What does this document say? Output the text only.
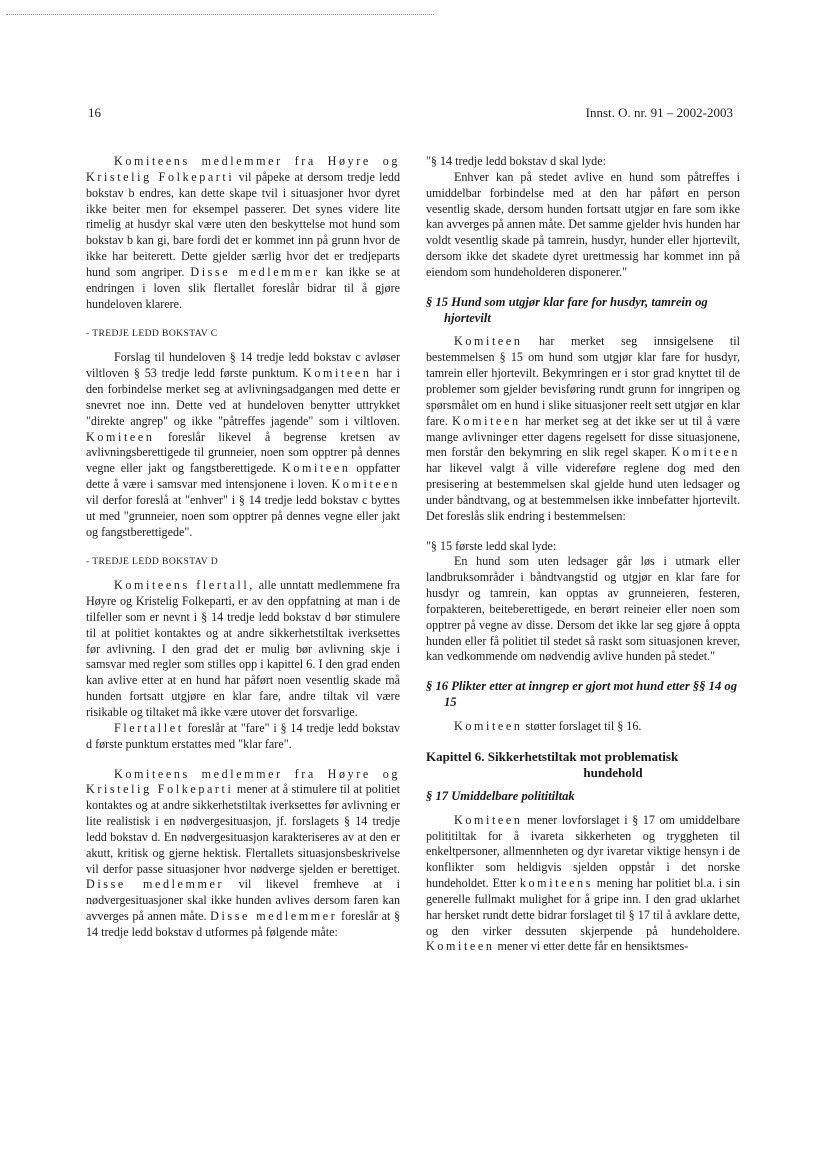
16	Innst. O. nr. 91 – 2002-2003

Komiteens medlemmer fra Høyre og Kristelig Folkeparti vil påpeke at dersom tredje ledd bokstav b endres, kan dette skape tvil i situasjoner hvor dyret ikke beiter men for eksempel passerer. Det synes videre lite rimelig at husdyr skal være uten den beskyttelse mot hund som bokstav b kan gi, bare fordi det er kommet inn på grunn hvor de ikke har beiterett. Dette gjelder særlig hvor det er tredjeparts hund som angriper. Disse medlemmer kan ikke se at endringen i loven slik flertallet foreslår bidrar til å gjøre hundeloven klarere.

- TREDJE LEDD BOKSTAV C

Forslag til hundeloven § 14 tredje ledd bokstav c avløser viltloven § 53 tredje ledd første punktum. Komiteen har i den forbindelse merket seg at avlivningsadgangen med dette er snevret noe inn. Dette ved at hundeloven benytter uttrykket "direkte angrep" og ikke "påtreffes jagende" som i viltloven. Komiteen foreslår likevel å begrense kretsen av avlivningsberettigede til grunneier, noen som opptrer på dennes vegne eller jakt og fangstberettigede. Komiteen oppfatter dette å være i samsvar med intensjonene i loven. Komiteen vil derfor foreslå at "enhver" i § 14 tredje ledd bokstav c byttes ut med "grunneier, noen som opptrer på dennes vegne eller jakt og fangstberettigede".

- TREDJE LEDD BOKSTAV D

Komiteens flertall, alle unntatt medlemmene fra Høyre og Kristelig Folkeparti, er av den oppfatning at man i de tilfeller som er nevnt i § 14 tredje ledd bokstav d bør stimulere til at politiet kontaktes og at andre sikkerhetstiltak iverksettes før avlivning. I den grad det er mulig bør avlivning skje i samsvar med regler som stilles opp i kapittel 6. I den grad enden kan avlive etter at en hund har påført noen vesentlig skade må hunden fortsatt utgjøre en klar fare, andre tiltak vil være risikable og tiltaket må ikke være utover det forsvarlige.

Flertallet foreslår at "fare" i § 14 tredje ledd bokstav d første punktum erstattes med "klar fare".

Komiteens medlemmer fra Høyre og Kristelig Folkeparti mener at å stimulere til at politiet kontaktes og at andre sikkerhetstiltak iverksettes før avlivning er lite realistisk i en nødvergesituasjon, jf. forslagets § 14 tredje ledd bokstav d. En nødvergesituasjon karakteriseres av at den er akutt, kritisk og gjerne hektisk. Flertallets situasjonsbeskrivelse vil derfor passe situasjoner hvor nødverge sjelden er berettiget. Disse medlemmer vil likevel fremheve at i nødvergesituasjoner skal ikke hunden avlives dersom faren kan avverges på annen måte. Disse medlemmer foreslår at § 14 tredje ledd bokstav d utformes på følgende måte:

"§ 14 tredje ledd bokstav d skal lyde:

Enhver kan på stedet avlive en hund som påtreffes i umiddelbar forbindelse med at den har påført en person vesentlig skade, dersom hunden fortsatt utgjør en fare som ikke kan avverges på annen måte. Det samme gjelder hvis hunden har voldt vesentlig skade på tamrein, husdyr, hunder eller hjortevilt, dersom ikke det skadete dyret urettmessig har kommet inn på eiendom som hundeholderen disponerer."

§ 15 Hund som utgjør klar fare for husdyr, tamrein og hjortevilt

Komiteen har merket seg innsigelsene til bestemmelsen § 15 om hund som utgjør klar fare for husdyr, tamrein eller hjortevilt. Bekymringen er i stor grad knyttet til de problemer som gjelder bevisføring rundt grunn for inngripen og spørsmålet om en hund i slike situasjoner reelt sett utgjør en klar fare. Komiteen har merket seg at det ikke ser ut til å være mange avlivninger etter dagens regelsett for disse situasjonene, men forstår den bekymring en slik regel skaper. Komiteen har likevel valgt å ville videreføre reglene dog med den presisering at bestemmelsen skal gjelde hund uten ledsager og under båndtvang, og at bestemmelsen ikke innbefatter hjortevilt. Det foreslås slik endring i bestemmelsen:

"§ 15 første ledd skal lyde:

En hund som uten ledsager går løs i utmark eller landbruksområder i båndtvangstid og utgjør en klar fare for husdyr og tamrein, kan opptas av grunneieren, festeren, forpakteren, beiteberettigede, en berørt reineier eller noen som opptrer på vegne av disse. Dersom det ikke lar seg gjøre å oppta hunden eller få politiet til stedet så raskt som situasjonen krever, kan vedkommende om nødvendig avlive hunden på stedet."

§ 16 Plikter etter at inngrep er gjort mot hund etter §§ 14 og 15

Komiteen støtter forslaget til § 16.

Kapittel 6. Sikkerhetstiltak mot problematisk
hundehold

§ 17 Umiddelbare polititiltak

Komiteen mener lovforslaget i § 17 om umiddelbare polititiltak for å ivareta sikkerheten og tryggheten til enkeltpersoner, allmennheten og dyr ivaretar viktige hensyn i de konflikter som heldigvis sjelden oppstår i det norske hundeholdet. Etter komiteens mening har politiet bl.a. i sin generelle fullmakt mulighet for å gripe inn. I den grad uklarhet har hersket rundt dette bidrar forslaget til § 17 til å avklare dette, og den virker dessuten skjerpende på hundeholdere. Komiteen mener vi etter dette får en hensiktsmes-
